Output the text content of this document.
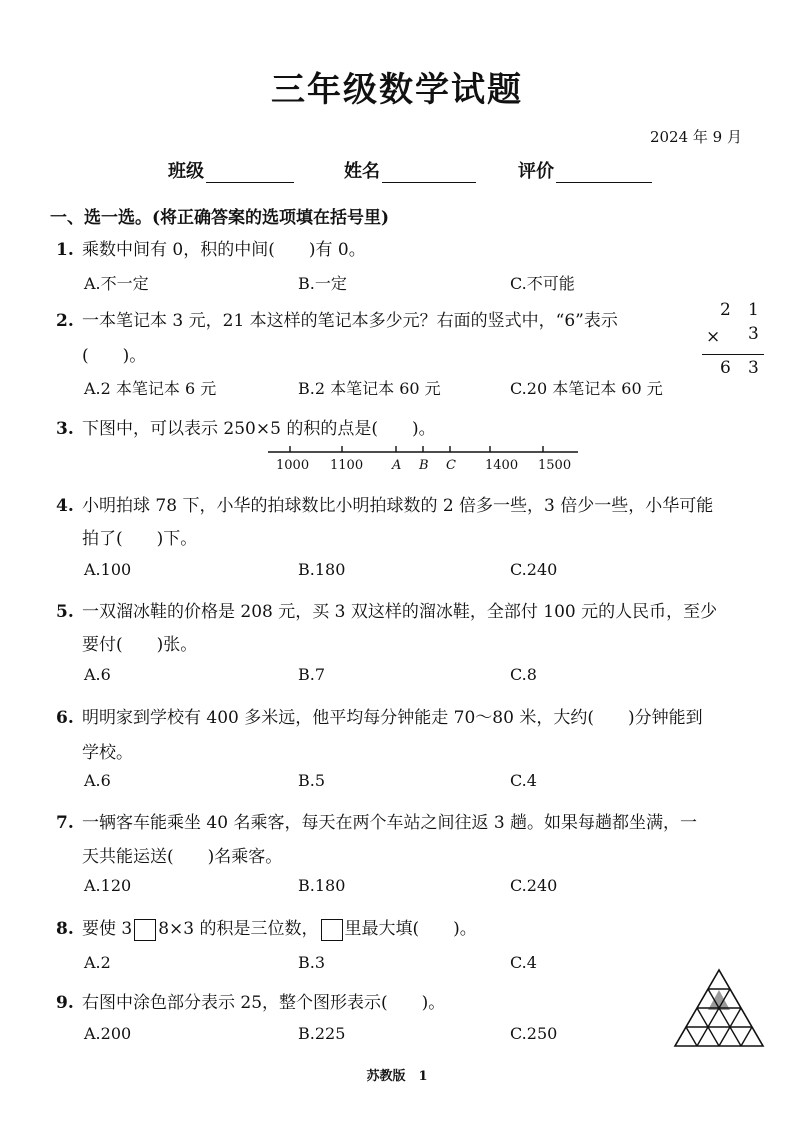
三年级数学试题
2024 年 9 月
班级	姓名	评价
一、选一选。(将正确答案的选项填在括号里)
1. 乘数中间有 0，积的中间(　　)有 0。
A.不一定	B.一定	C.不可能
2. 一本笔记本 3 元，21 本这样的笔记本多少元？右面的竖式中，“6”表示
(　　)。
A.2 本笔记本 6 元	B.2 本笔记本 60 元	C.20 本笔记本 60 元
2 1
× 3
6 3
3. 下图中，可以表示 250×5 的积的点是(　　)。
1000 1100 A B C 1400 1500
4. 小明拍球 78 下，小华的拍球数比小明拍球数的 2 倍多一些，3 倍少一些，小华可能
拍了(　　)下。
A.100	B.180	C.240
5. 一双溜冰鞋的价格是 208 元，买 3 双这样的溜冰鞋，全部付 100 元的人民币，至少
要付(　　)张。
A.6	B.7	C.8
6. 明明家到学校有 400 多米远，他平均每分钟能走 70～80 米，大约(　　)分钟能到
学校。
A.6	B.5	C.4
7. 一辆客车能乘坐 40 名乘客，每天在两个车站之间往返 3 趟。如果每趟都坐满，一
天共能运送(　　)名乘客。
A.120	B.180	C.240
8. 要使 3 8×3 的积是三位数， 里最大填(　　)。
A.2	B.3	C.4
9. 右图中涂色部分表示 25，整个图形表示(　　)。
A.200	B.225	C.250
苏教版　1
